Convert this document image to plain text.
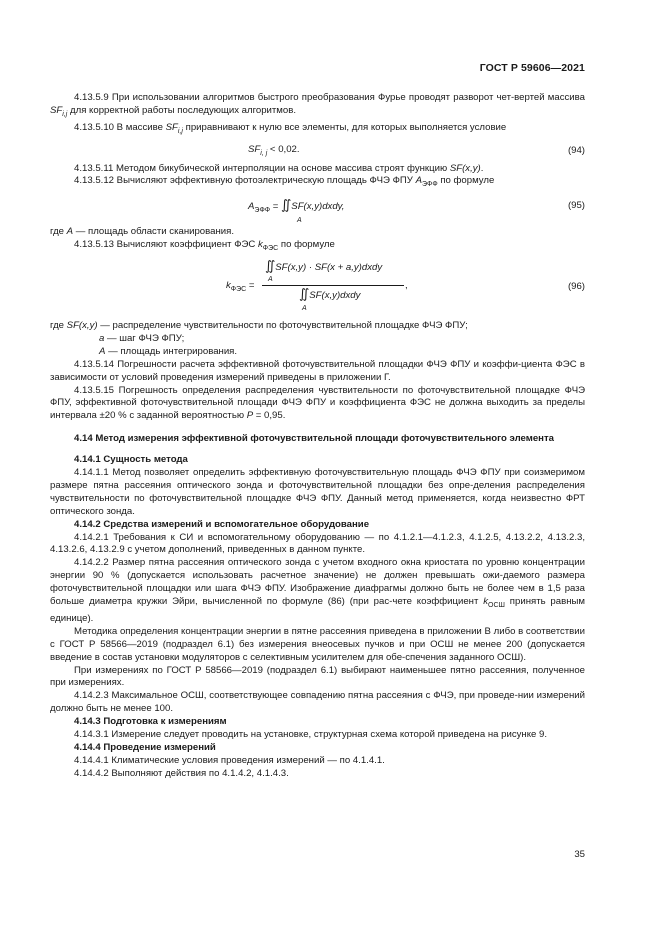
ГОСТ Р 59606—2021

4.13.5.9 При использовании алгоритмов быстрого преобразования Фурье проводят разворот чет-вертей массива $SF_{i,j}$ для корректной работы последующих алгоритмов.

4.13.5.10 В массиве $SF_{i,j}$ приравнивают к нулю все элементы, для которых выполняется условие

$SF_{i, j} < 0,02$.	(94)

4.13.5.11 Методом бикубической интерполяции на основе массива строят функцию SF(x,y).

4.13.5.12 Вычисляют эффективную фотоэлектрическую площадь ФЧЭ ФПУ $A_{ЭФФ}$ по формуле

$A_{ЭФФ}$ = ∬SF(x,y)dxdy,
A
(95)

где A — площадь области сканирования.

4.13.5.13 Вычисляют коэффициент ФЭС $k_{ФЭС}$ по формуле

$k_{ФЭС}$ =
∬SF(x,y) · SF(x + a,y)dxdy
A
∬SF(x,y)dxdy
A
,	(96)

где SF(x,y) — распределение чувствительности по фоточувствительной площадке ФЧЭ ФПУ;

a — шаг ФЧЭ ФПУ;

A — площадь интегрирования.

4.13.5.14 Погрешности расчета эффективной фоточувствительной площадки ФЧЭ ФПУ и коэффи-циента ФЭС в зависимости от условий проведения измерений приведены в приложении Г.

4.13.5.15 Погрешность определения распределения чувствительности по фоточувствительной площадке ФЧЭ ФПУ, эффективной фоточувствительной площади ФЧЭ ФПУ и коэффициента ФЭС не должна выходить за пределы интервала ±20 % с заданной вероятностью P = 0,95.

4.14 Метод измерения эффективной фоточувствительной площади фоточувствительного элемента

4.14.1 Сущность метода

4.14.1.1 Метод позволяет определить эффективную фоточувствительную площадь ФЧЭ ФПУ при соизмеримом размере пятна рассеяния оптического зонда и фоточувствительной площадки без опре-деления распределения чувствительности по фоточувствительной площадке ФЧЭ ФПУ. Данный метод применяется, когда неизвестно ФРТ оптического зонда.

4.14.2 Средства измерений и вспомогательное оборудование

4.14.2.1 Требования к СИ и вспомогательному оборудованию — по 4.1.2.1—4.1.2.3, 4.1.2.5, 4.13.2.2, 4.13.2.3, 4.13.2.6, 4.13.2.9 с учетом дополнений, приведенных в данном пункте.

4.14.2.2 Размер пятна рассеяния оптического зонда с учетом входного окна криостата по уровню концентрации энергии 90 % (допускается использовать расчетное значение) не должен превышать ожи-даемого размера фоточувствительной площадки или шага ФЧЭ ФПУ. Изображение диафрагмы должно быть не более чем в 1,5 раза больше диаметра кружки Эйри, вычисленной по формуле (86) (при рас-чете коэффициент $k_{ОСШ}$ принять равным единице).

Методика определения концентрации энергии в пятне рассеяния приведена в приложении В либо в соответствии с ГОСТ Р 58566—2019 (подраздел 6.1) без измерения внеосевых пучков и при ОСШ не менее 200 (допускается введение в состав установки модуляторов с селективным усилителем для обе-спечения заданного ОСШ).

При измерениях по ГОСТ Р 58566—2019 (подраздел 6.1) выбирают наименьшее пятно рассеяния, полученное при измерениях.

4.14.2.3 Максимальное ОСШ, соответствующее совпадению пятна рассеяния с ФЧЭ, при проведе-нии измерений должно быть не менее 100.

4.14.3 Подготовка к измерениям

4.14.3.1 Измерение следует проводить на установке, структурная схема которой приведена на рисунке 9.

4.14.4 Проведение измерений

4.14.4.1 Климатические условия проведения измерений — по 4.1.4.1.

4.14.4.2 Выполняют действия по 4.1.4.2, 4.1.4.3.

35
